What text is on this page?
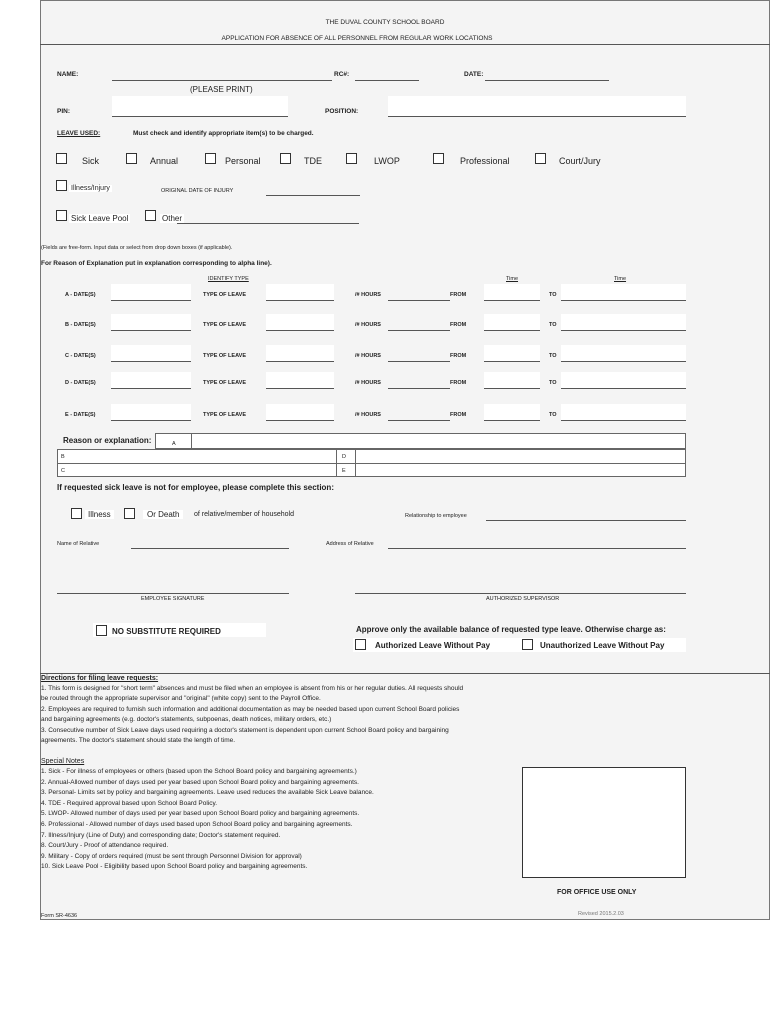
THE DUVAL COUNTY SCHOOL BOARD
APPLICATION FOR ABSENCE OF ALL PERSONNEL FROM REGULAR WORK LOCATIONS
NAME:
(PLEASE PRINT)
RC#:	DATE:
PIN:	POSITION:
LEAVE USED:	Must check and identify appropriate item(s) to be charged.
Sick	Annual	Personal	TDE	LWOP	Professional	Court/Jury
Illness/Injury	ORIGINAL DATE OF INJURY
Sick Leave Pool	Other
(Fields are free-form. Input data or select from drop down boxes (if applicable).
For Reason of Explanation put in explanation corresponding to alpha line).
IDENTIFY TYPE	Time	Time
A - DATE(S)	TYPE OF LEAVE	/# HOURS	FROM	TO
B - DATE(S)	TYPE OF LEAVE	/# HOURS	FROM	TO
C - DATE(S)	TYPE OF LEAVE	/# HOURS	FROM	TO
D - DATE(S)	TYPE OF LEAVE	/# HOURS	FROM	TO
E - DATE(S)	TYPE OF LEAVE	/# HOURS	FROM	TO
Reason or explanation:	A
B
C
D
E
If requested sick leave is not for employee, please complete this section:
Illness	Or Death	of relative/member of household	Relationship to employee
Name of Relative	Address of Relative
EMPLOYEE SIGNATURE	AUTHORIZED SUPERVISOR
NO SUBSTITUTE REQUIRED	Approve only the available balance of requested type leave. Otherwise charge as:
Authorized Leave Without Pay	Unauthorized Leave Without Pay
Directions for filing leave requests:
1. This form is designed for "short term" absences and must be filed when an employee is absent from his or her regular duties. All requests should
be routed through the appropriate supervisor and "original" (white copy) sent to the Payroll Office.
2. Employees are required to furnish such information and additional documentation as may be needed based upon current School Board policies
and bargaining agreements (e.g. doctor's statements, subpoenas, death notices, military orders, etc.)
3. Consecutive number of Sick Leave days used requiring a doctor's statement is dependent upon current School Board policy and bargaining
agreements. The doctor's statement should state the length of time.
Special Notes
1. Sick - For illness of employees or others (based upon the School Board policy and bargaining agreements.)
2. Annual-Allowed number of days used per year based upon School Board policy and bargaining agreements.
3. Personal- Limits set by policy and bargaining agreements. Leave used reduces the available Sick Leave balance.
4. TDE - Required approval based upon School Board Policy.
5. LWOP- Allowed number of days used per year based upon School Board policy and bargaining agreements.
6. Professional - Allowed number of days used based upon School Board policy and bargaining agreements.
7. Illness/Injury (Line of Duty) and corresponding date; Doctor's statement required.
8. Court/Jury - Proof of attendance required.
9. Military - Copy of orders required (must be sent through Personnel Division for approval)
10. Sick Leave Pool - Eligibility based upon School Board policy and bargaining agreements.
FOR OFFICE USE ONLY
Revised 2015.2.03
Form SR-4636
